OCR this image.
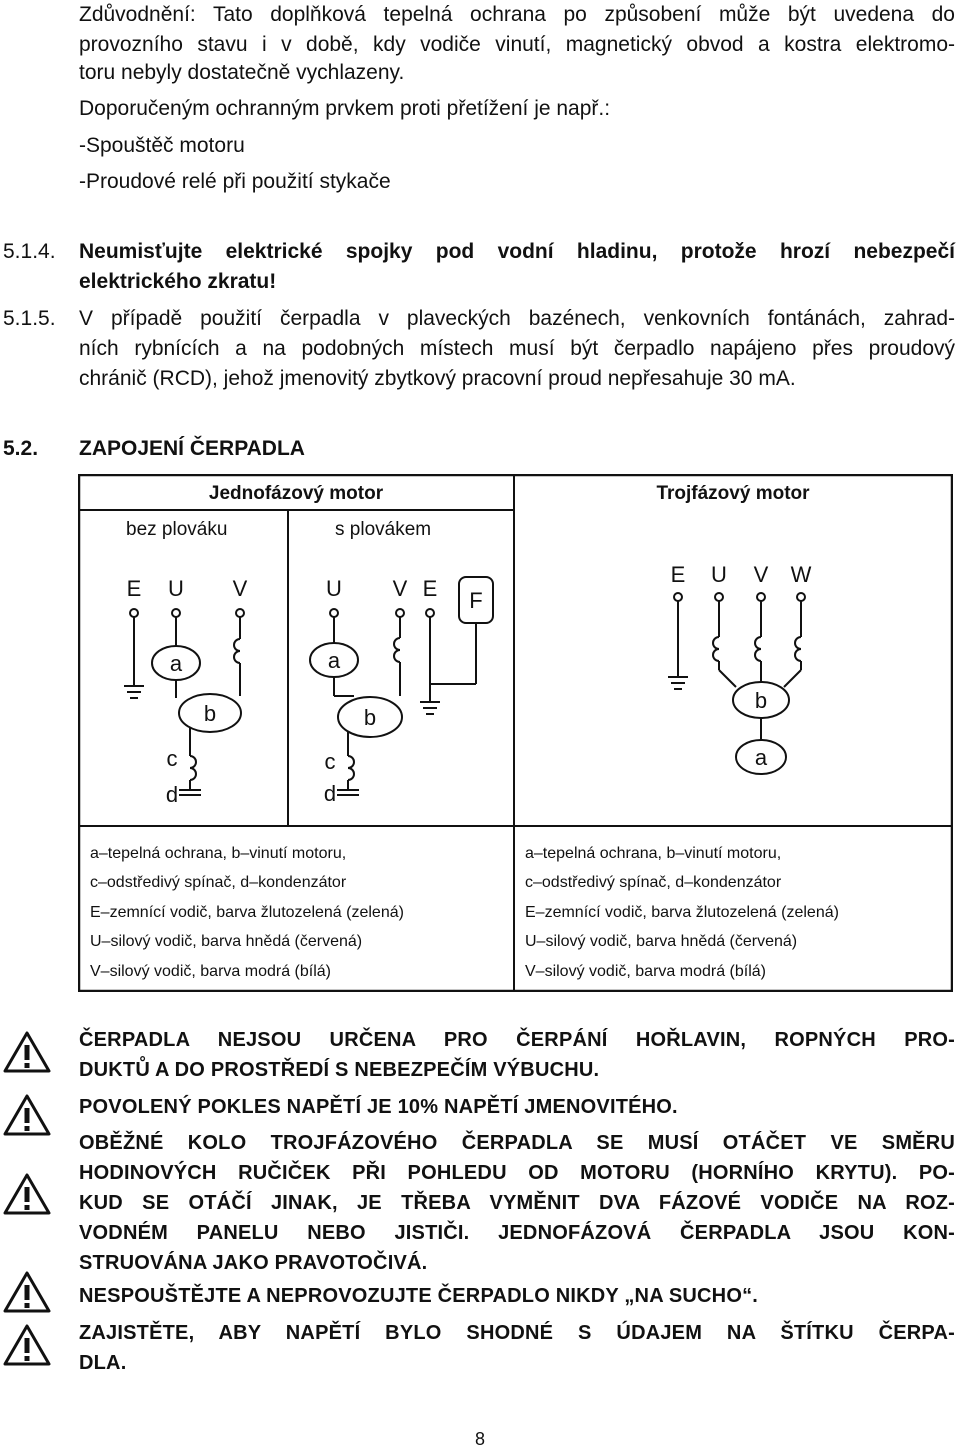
Zdůvodnění: Tato doplňková tepelná ochrana po způsobení může být uvedena do
provozního stavu i v době, kdy vodiče vinutí, magnetický obvod a kostra elektromo-
toru nebyly dostatečně vychlazeny.
Doporučeným ochranným prvkem proti přetížení je např.:
-Spouštěč motoru
-Proudové relé při použití stykače
5.1.4. Neumisťujte elektrické spojky pod vodní hladinu, protože hrozí nebezpečí
elektrického zkratu!
5.1.5. V případě použití čerpadla v plaveckých bazénech, venkovních fontánách, zahrad-
ních rybnících a na podobných místech musí být čerpadlo napájeno přes proudový
chránič (RCD), jehož jmenovitý zbytkový pracovní proud nepřesahuje 30 mA.
5.2. ZAPOJENÍ ČERPADLA
Jednofázový motor	Trojfázový motor
bez plováku	s plovákem
E U V
a
b
c
d
U V E F
a
b
c
d
E U V W
b
a
a–tepelná ochrana, b–vinutí motoru,
c–odstředivý spínač, d–kondenzátor
E–zemnící vodič, barva žlutozelená (zelená)
U–silový vodič, barva hnědá (červená)
V–silový vodič, barva modrá (bílá)
a–tepelná ochrana, b–vinutí motoru,
c–odstředivý spínač, d–kondenzátor
E–zemnící vodič, barva žlutozelená (zelená)
U–silový vodič, barva hnědá (červená)
V–silový vodič, barva modrá (bílá)
ČERPADLA NEJSOU URČENA PRO ČERPÁNÍ HOŘLAVIN, ROPNÝCH PRO-
DUKTŮ A DO PROSTŘEDÍ S NEBEZPEČÍM VÝBUCHU.
POVOLENÝ POKLES NAPĚTÍ JE 10% NAPĚTÍ JMENOVITÉHO.
OBĚŽNÉ KOLO TROJFÁZOVÉHO ČERPADLA SE MUSÍ OTÁČET VE SMĚRU
HODINOVÝCH RUČIČEK PŘI POHLEDU OD MOTORU (HORNÍHO KRYTU). PO-
KUD SE OTÁČÍ JINAK, JE TŘEBA VYMĚNIT DVA FÁZOVÉ VODIČE NA ROZ-
VODNÉM PANELU NEBO JISTIČI. JEDNOFÁZOVÁ ČERPADLA JSOU KON-
STRUOVÁNA JAKO PRAVOTOČIVÁ.
NESPOUŠTĚJTE A NEPROVOZUJTE ČERPADLO NIKDY „NA SUCHO“.
ZAJISTĚTE, ABY NAPĚTÍ BYLO SHODNÉ S ÚDAJEM NA ŠTÍTKU ČERPA-
DLA.
8
